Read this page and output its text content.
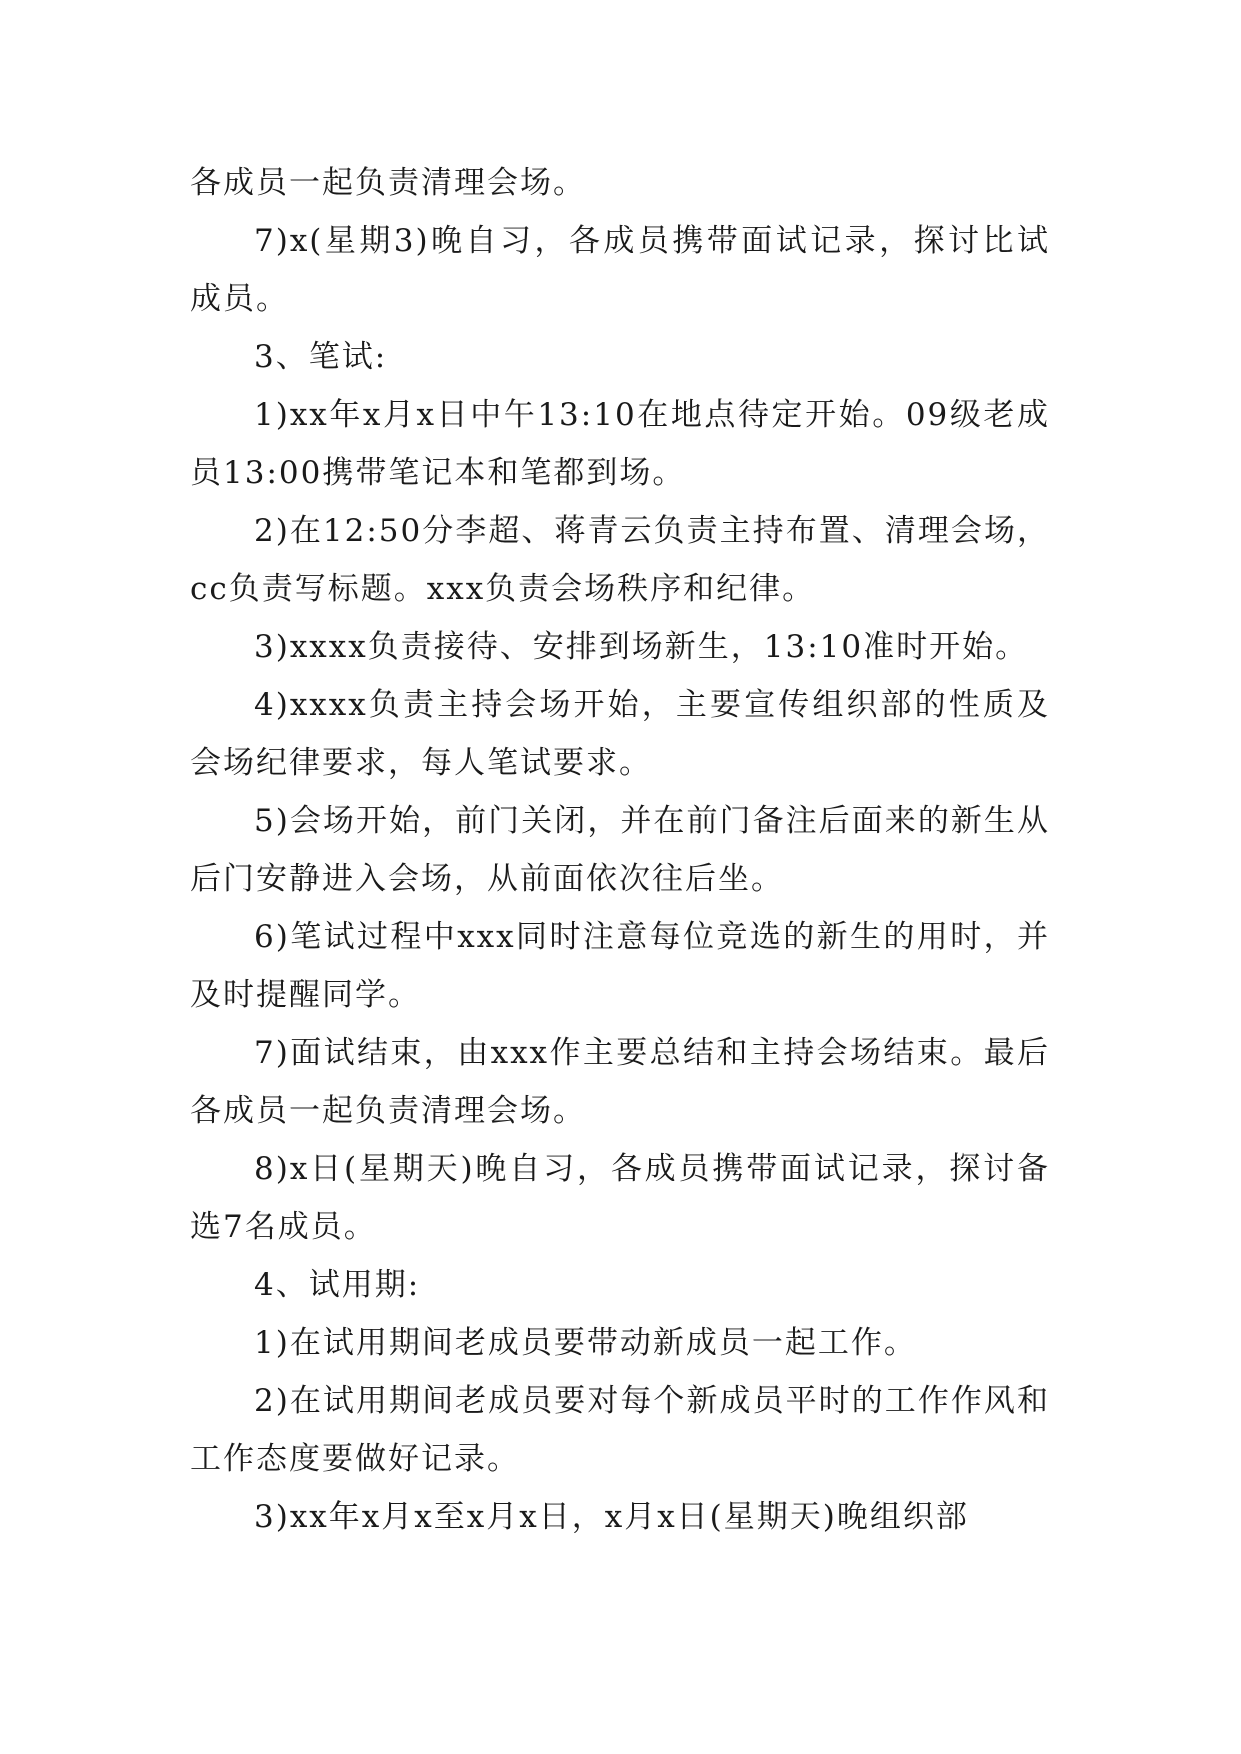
各成员一起负责清理会场。

7)x(星期3)晚自习，各成员携带面试记录，探讨比试成员。

3、笔试:

1)xx年x月x日中午13:10在地点待定开始。09级老成员13:00携带笔记本和笔都到场。

2)在12:50分李超、蒋青云负责主持布置、清理会场，cc负责写标题。xxx负责会场秩序和纪律。

3)xxxx负责接待、安排到场新生，13:10准时开始。

4)xxxx负责主持会场开始，主要宣传组织部的性质及会场纪律要求，每人笔试要求。

5)会场开始，前门关闭，并在前门备注后面来的新生从后门安静进入会场，从前面依次往后坐。

6)笔试过程中xxx同时注意每位竞选的新生的用时，并及时提醒同学。

7)面试结束，由xxx作主要总结和主持会场结束。最后各成员一起负责清理会场。

8)x日(星期天)晚自习，各成员携带面试记录，探讨备选7名成员。

4、试用期:

1)在试用期间老成员要带动新成员一起工作。

2)在试用期间老成员要对每个新成员平时的工作作风和工作态度要做好记录。

3)xx年x月x至x月x日，x月x日(星期天)晚组织部
